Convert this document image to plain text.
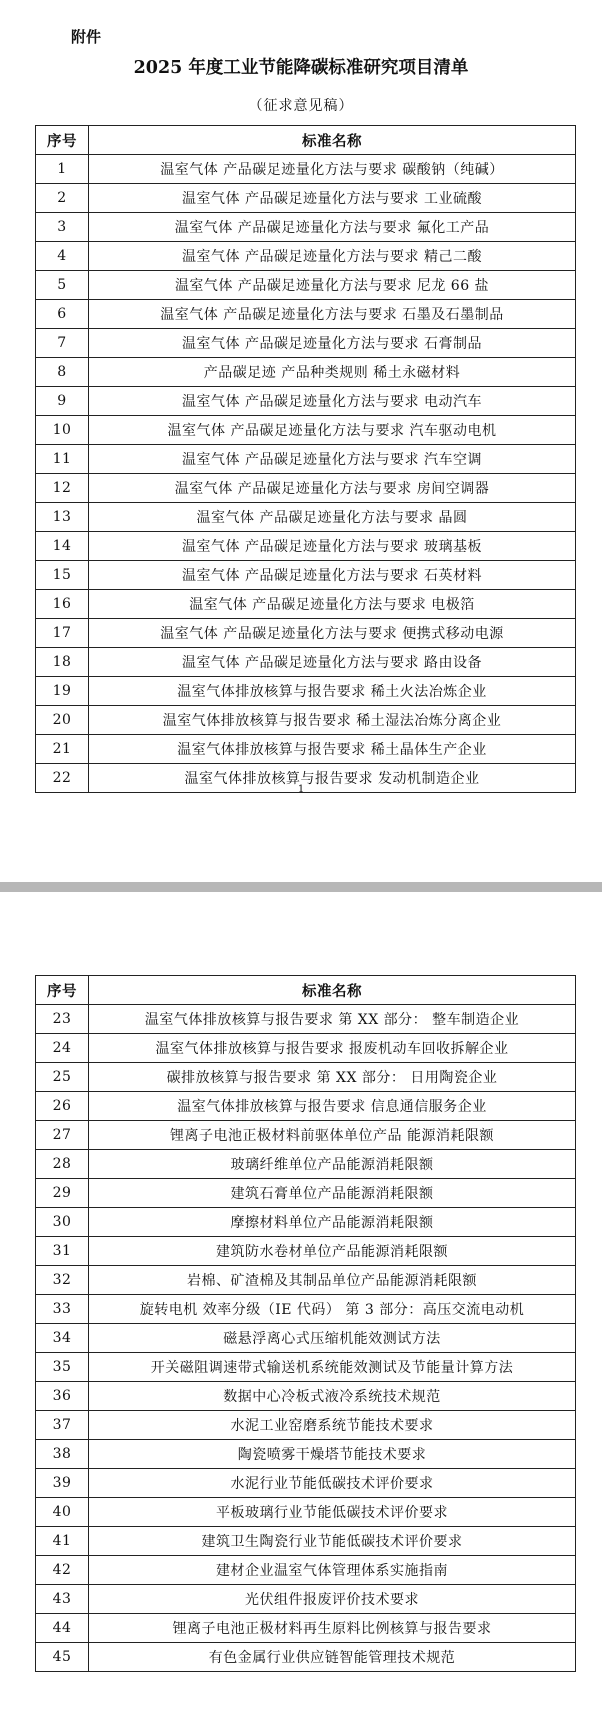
附件
2025 年度工业节能降碳标准研究项目清单
（征求意见稿）
序号	标准名称
1	温室气体 产品碳足迹量化方法与要求 碳酸钠（纯碱）
2	温室气体 产品碳足迹量化方法与要求 工业硫酸
3	温室气体 产品碳足迹量化方法与要求 氟化工产品
4	温室气体 产品碳足迹量化方法与要求 精己二酸
5	温室气体 产品碳足迹量化方法与要求 尼龙 66 盐
6	温室气体 产品碳足迹量化方法与要求 石墨及石墨制品
7	温室气体 产品碳足迹量化方法与要求 石膏制品
8	产品碳足迹 产品种类规则 稀土永磁材料
9	温室气体 产品碳足迹量化方法与要求 电动汽车
10	温室气体 产品碳足迹量化方法与要求 汽车驱动电机
11	温室气体 产品碳足迹量化方法与要求 汽车空调
12	温室气体 产品碳足迹量化方法与要求 房间空调器
13	温室气体 产品碳足迹量化方法与要求 晶圆
14	温室气体 产品碳足迹量化方法与要求 玻璃基板
15	温室气体 产品碳足迹量化方法与要求 石英材料
16	温室气体 产品碳足迹量化方法与要求 电极箔
17	温室气体 产品碳足迹量化方法与要求 便携式移动电源
18	温室气体 产品碳足迹量化方法与要求 路由设备
19	温室气体排放核算与报告要求 稀土火法冶炼企业
20	温室气体排放核算与报告要求 稀土湿法冶炼分离企业
21	温室气体排放核算与报告要求 稀土晶体生产企业
22	温室气体排放核算与报告要求 发动机制造企业
1
序号	标准名称
23	温室气体排放核算与报告要求 第 XX 部分： 整车制造企业
24	温室气体排放核算与报告要求 报废机动车回收拆解企业
25	碳排放核算与报告要求 第 XX 部分： 日用陶瓷企业
26	温室气体排放核算与报告要求 信息通信服务企业
27	锂离子电池正极材料前驱体单位产品 能源消耗限额
28	玻璃纤维单位产品能源消耗限额
29	建筑石膏单位产品能源消耗限额
30	摩擦材料单位产品能源消耗限额
31	建筑防水卷材单位产品能源消耗限额
32	岩棉、矿渣棉及其制品单位产品能源消耗限额
33	旋转电机 效率分级（IE 代码） 第 3 部分：高压交流电动机
34	磁悬浮离心式压缩机能效测试方法
35	开关磁阻调速带式输送机系统能效测试及节能量计算方法
36	数据中心冷板式液冷系统技术规范
37	水泥工业窑磨系统节能技术要求
38	陶瓷喷雾干燥塔节能技术要求
39	水泥行业节能低碳技术评价要求
40	平板玻璃行业节能低碳技术评价要求
41	建筑卫生陶瓷行业节能低碳技术评价要求
42	建材企业温室气体管理体系实施指南
43	光伏组件报废评价技术要求
44	锂离子电池正极材料再生原料比例核算与报告要求
45	有色金属行业供应链智能管理技术规范
